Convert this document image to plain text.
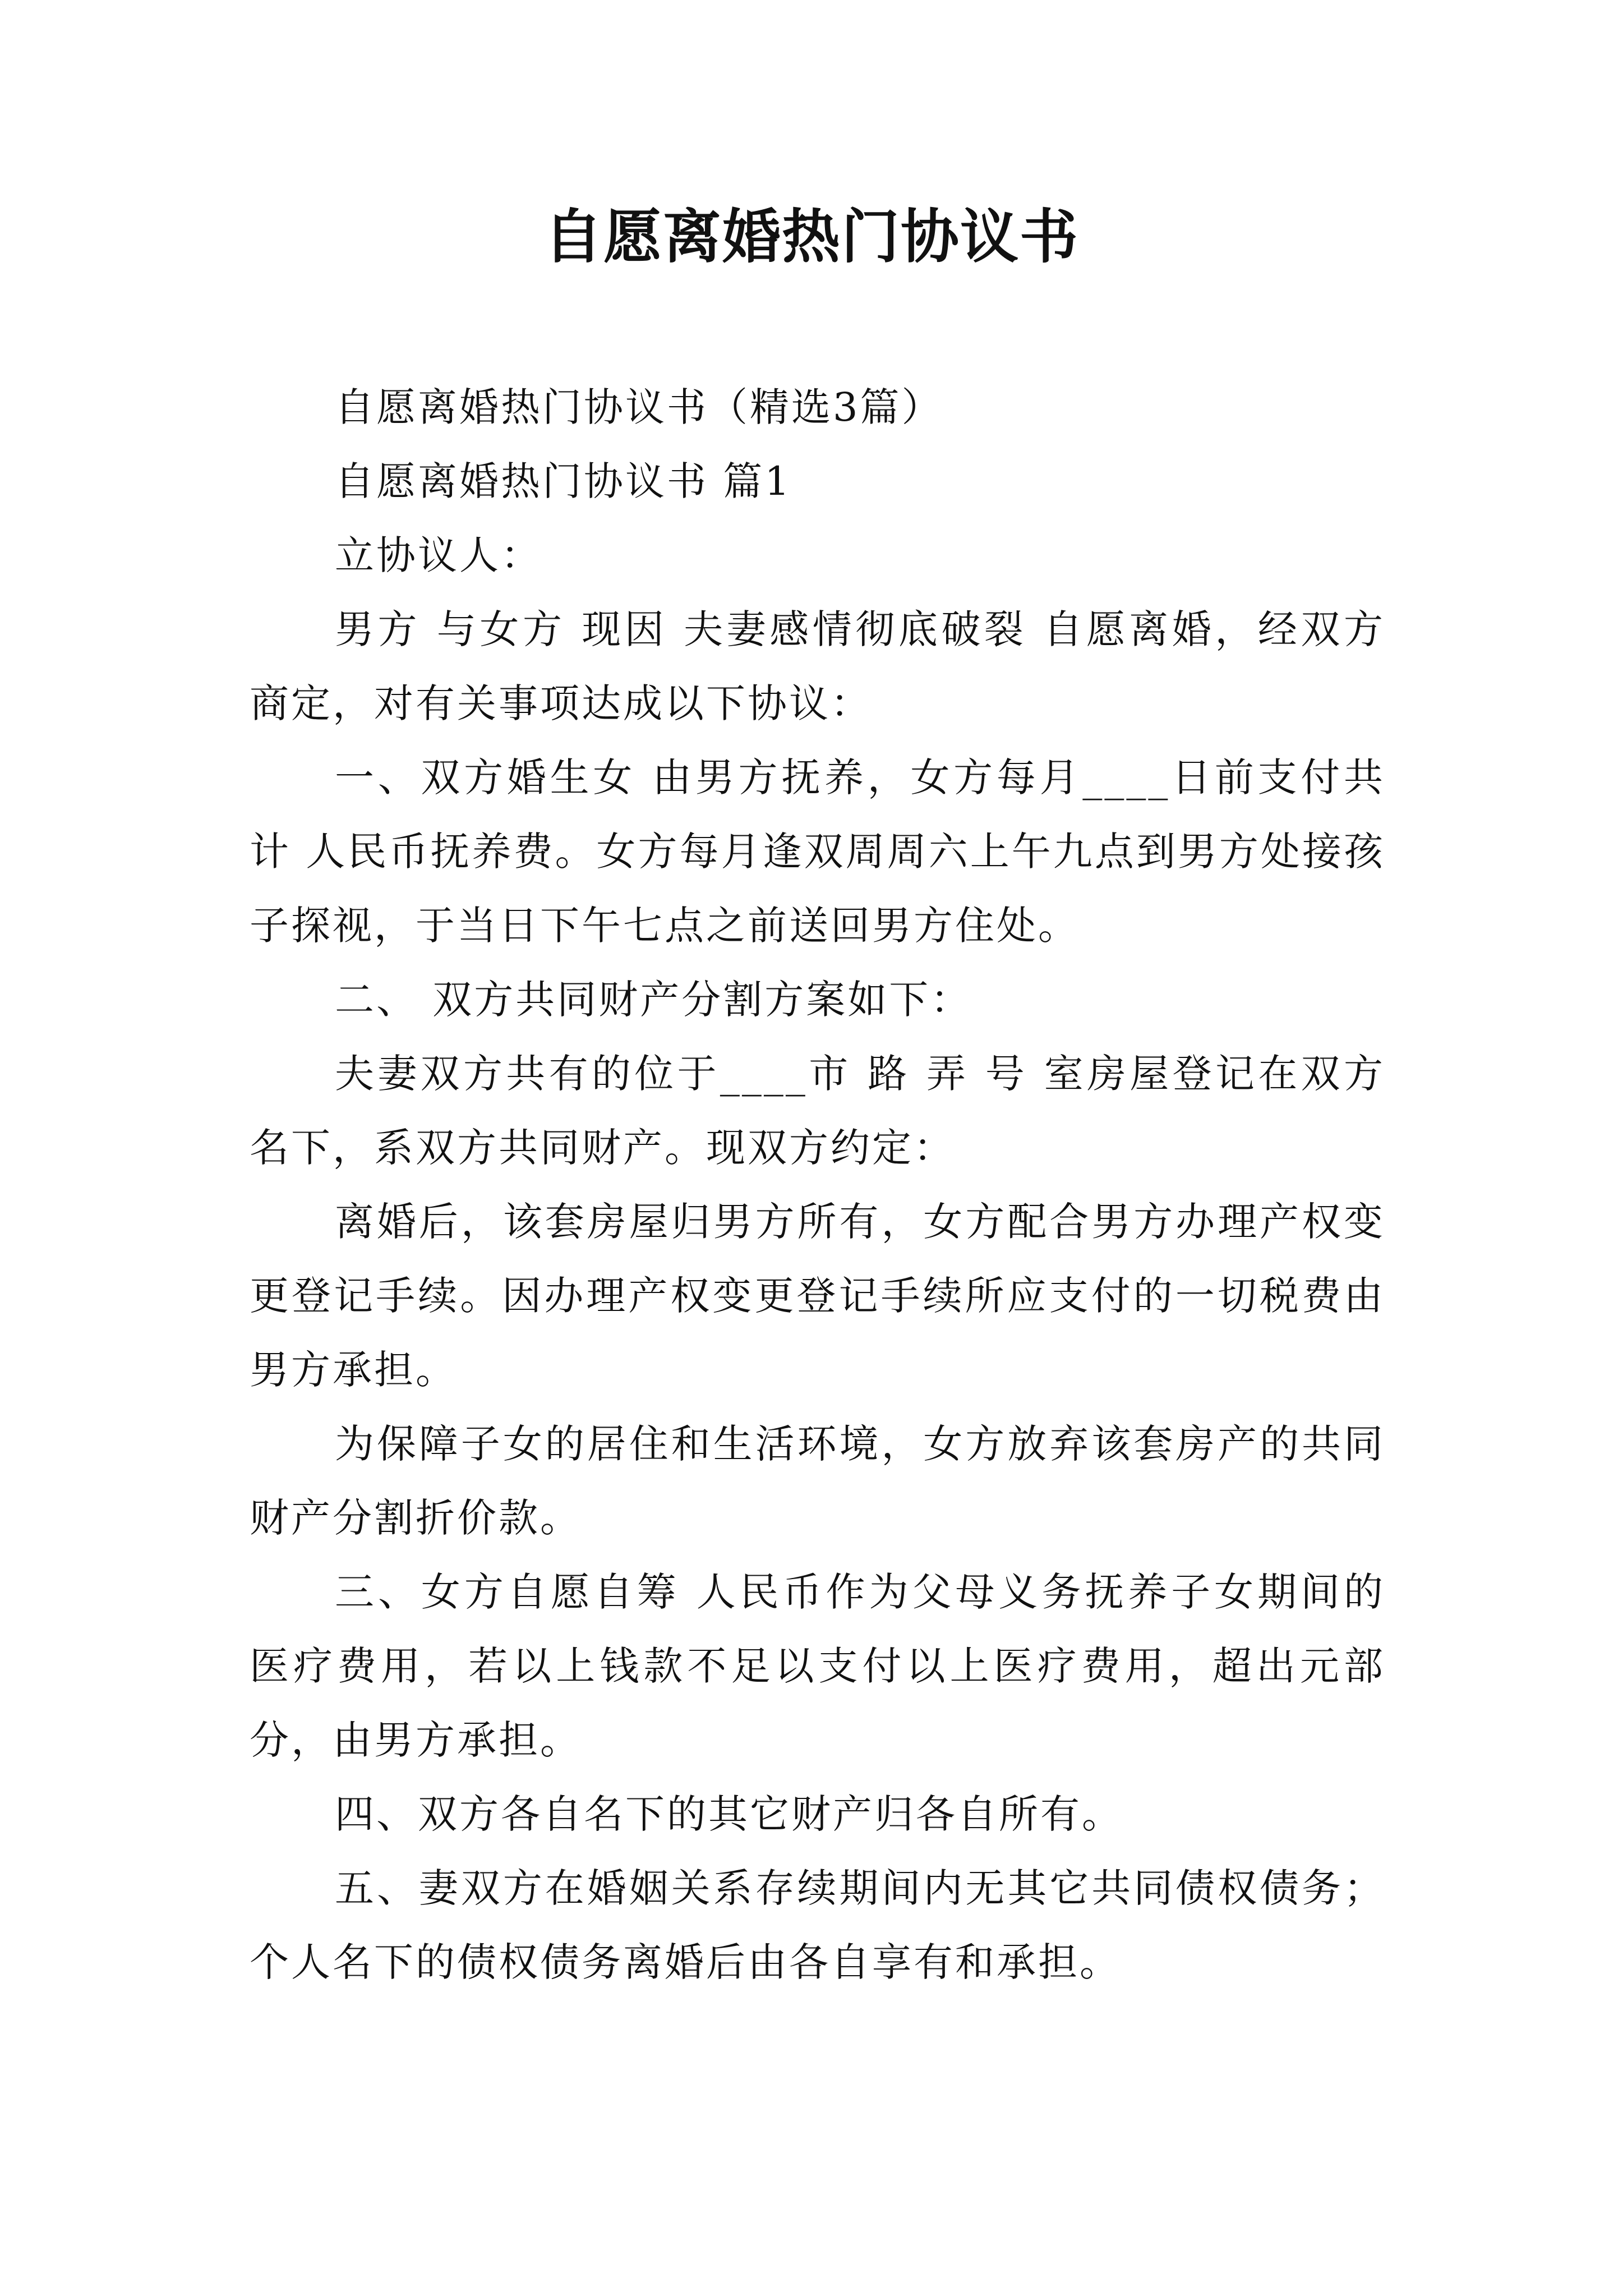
自愿离婚热门协议书

自愿离婚热门协议书（精选3篇）

自愿离婚热门协议书 篇1

立协议人：

男方 与女方 现因 夫妻感情彻底破裂 自愿离婚，经双方商定，对有关事项达成以下协议：

一、双方婚生女 由男方抚养，女方每月____日前支付共计 人民币抚养费。女方每月逢双周周六上午九点到男方处接孩子探视，于当日下午七点之前送回男方住处。

二、 双方共同财产分割方案如下：

夫妻双方共有的位于____市 路 弄 号 室房屋登记在双方名下，系双方共同财产。现双方约定：

离婚后，该套房屋归男方所有，女方配合男方办理产权变更登记手续。因办理产权变更登记手续所应支付的一切税费由男方承担。

为保障子女的居住和生活环境，女方放弃该套房产的共同财产分割折价款。

三、女方自愿自筹 人民币作为父母义务抚养子女期间的医疗费用，若以上钱款不足以支付以上医疗费用，超出元部分，由男方承担。

四、双方各自名下的其它财产归各自所有。

五、妻双方在婚姻关系存续期间内无其它共同债权债务；个人名下的债权债务离婚后由各自享有和承担。
